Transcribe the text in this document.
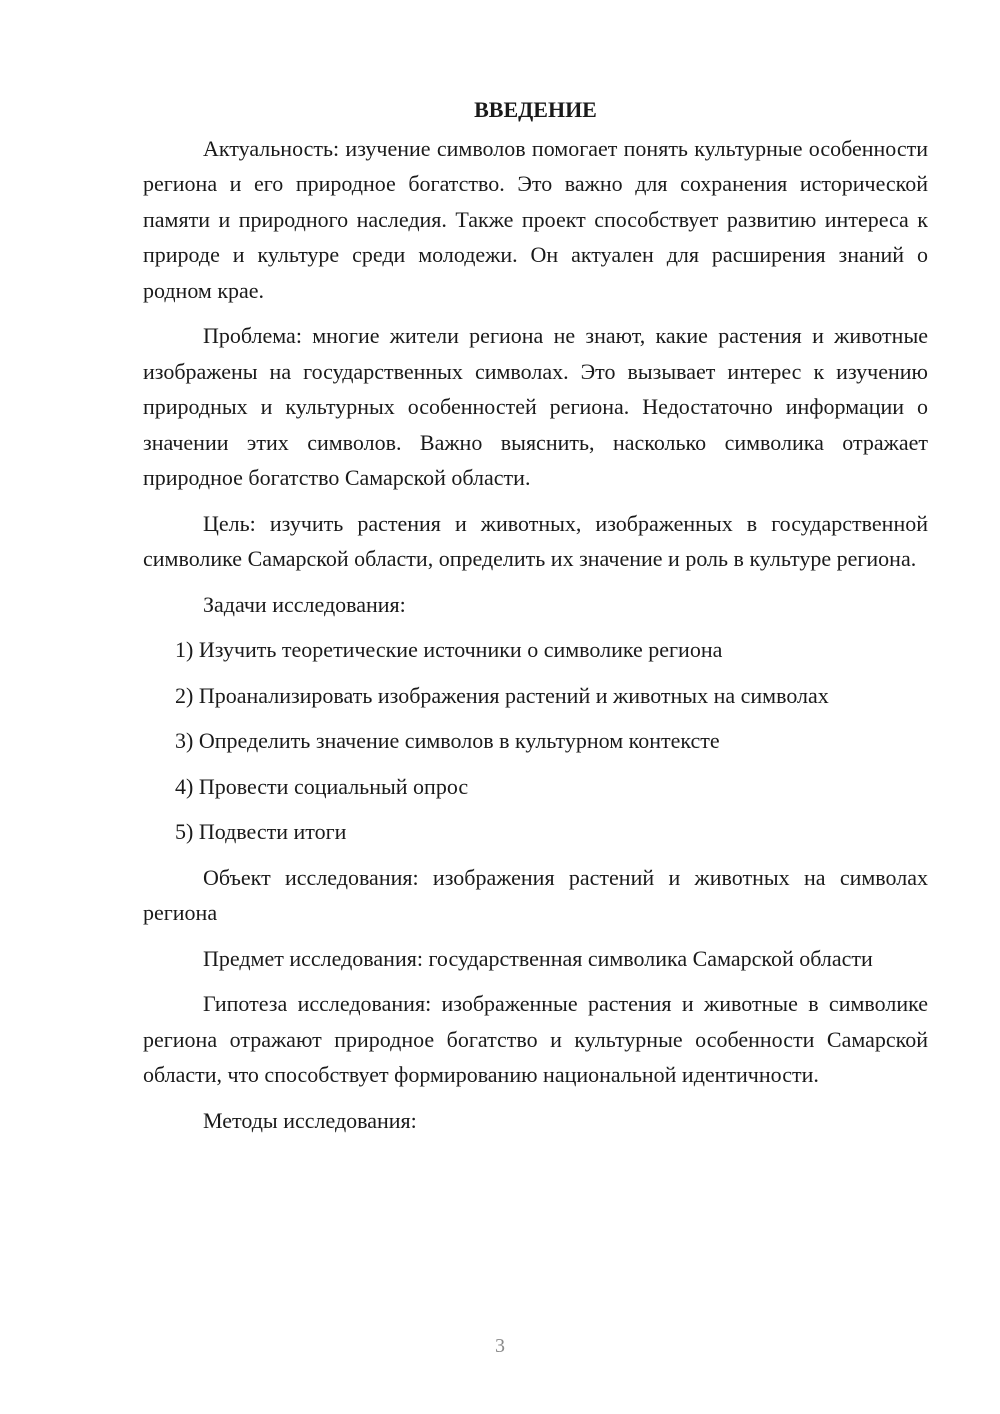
ВВЕДЕНИЕ

Актуальность: изучение символов помогает понять культурные особенности региона и его природное богатство. Это важно для сохранения исторической памяти и природного наследия. Также проект способствует развитию интереса к природе и культуре среди молодежи. Он актуален для расширения знаний о родном крае.

Проблема: многие жители региона не знают, какие растения и животные изображены на государственных символах. Это вызывает интерес к изучению природных и культурных особенностей региона. Недостаточно информации о значении этих символов. Важно выяснить, насколько символика отражает природное богатство Самарской области.

Цель: изучить растения и животных, изображенных в государственной символике Самарской области, определить их значение и роль в культуре региона.

Задачи исследования:

1) Изучить теоретические источники о символике региона
2) Проанализировать изображения растений и животных на символах
3) Определить значение символов в культурном контексте
4) Провести социальный опрос
5) Подвести итоги

Объект исследования: изображения растений и животных на символах региона

Предмет исследования: государственная символика Самарской области

Гипотеза исследования: изображенные растения и животные в символике региона отражают природное богатство и культурные особенности Самарской области, что способствует формированию национальной идентичности.

Методы исследования:

3
